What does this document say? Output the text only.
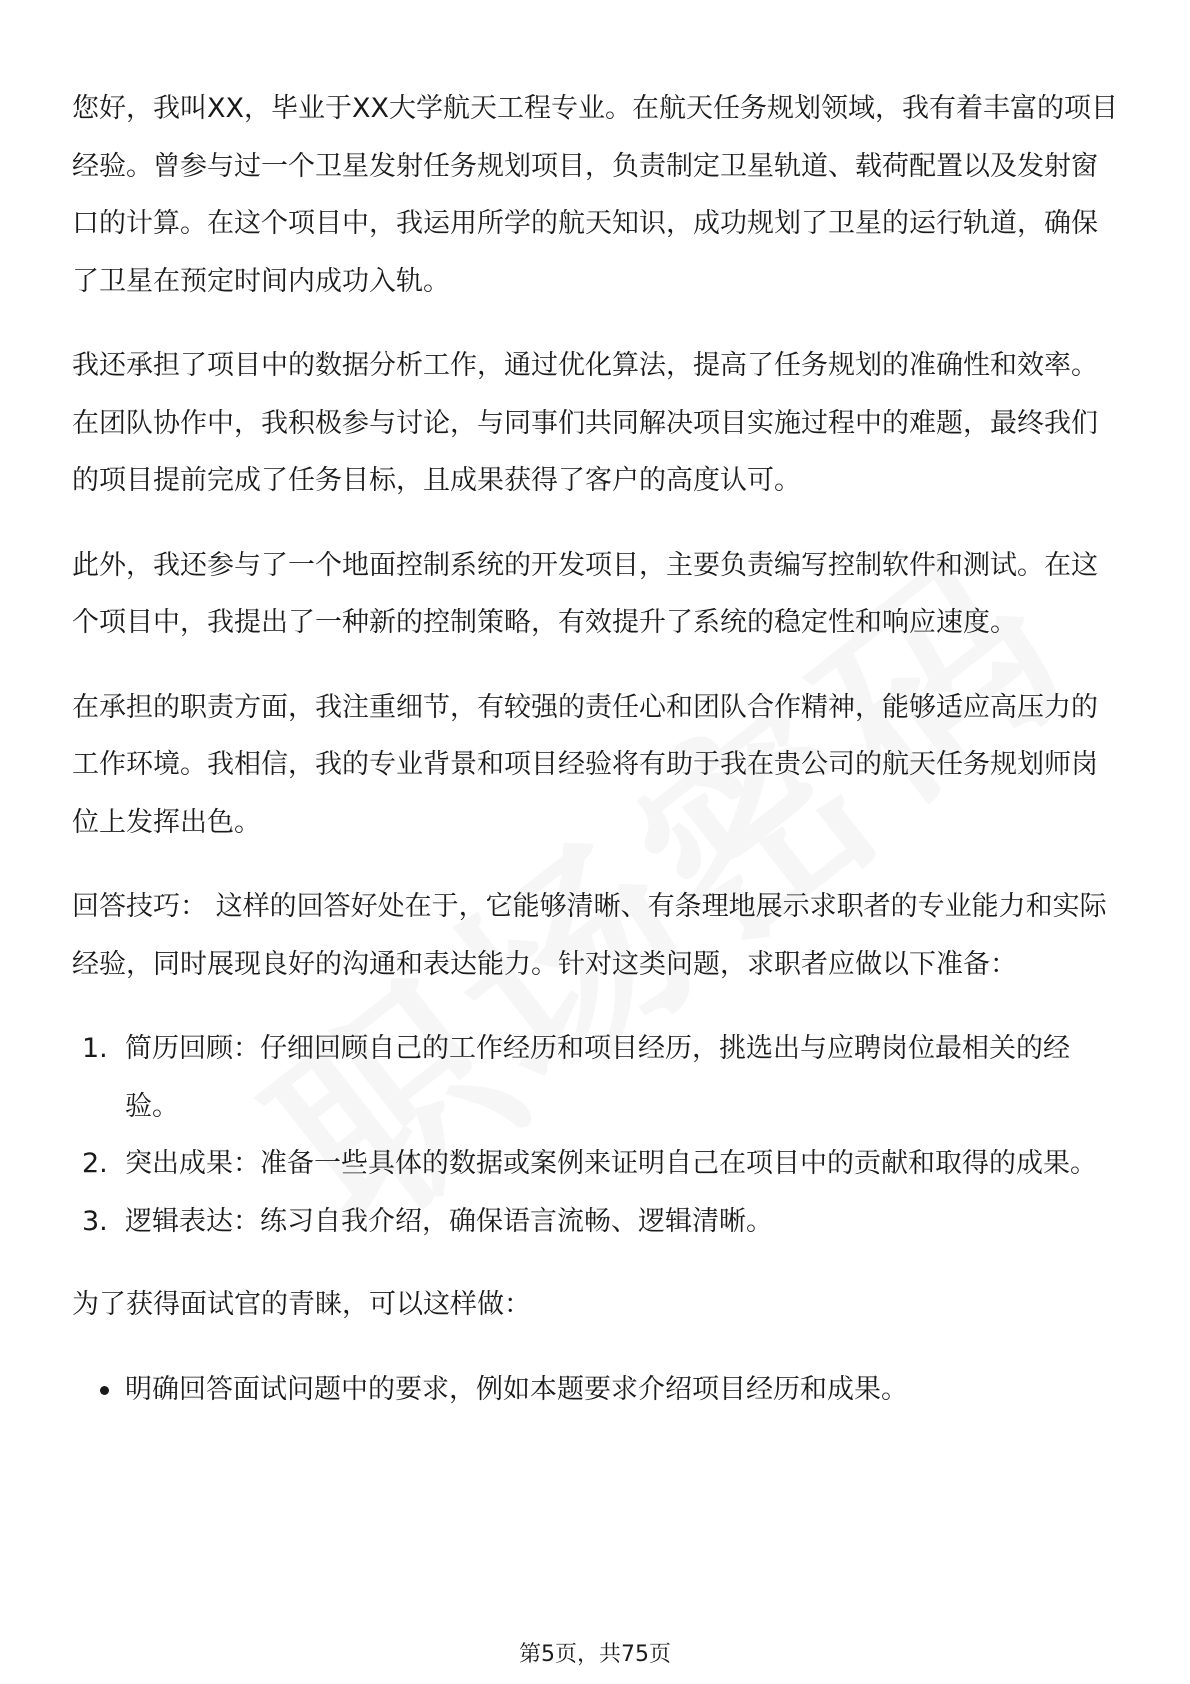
您好，我叫XX，毕业于XX大学航天工程专业。在航天任务规划领域，我有着丰富的项目经验。曾参与过一个卫星发射任务规划项目，负责制定卫星轨道、载荷配置以及发射窗口的计算。在这个项目中，我运用所学的航天知识，成功规划了卫星的运行轨道，确保了卫星在预定时间内成功入轨。

我还承担了项目中的数据分析工作，通过优化算法，提高了任务规划的准确性和效率。在团队协作中，我积极参与讨论，与同事们共同解决项目实施过程中的难题，最终我们的项目提前完成了任务目标，且成果获得了客户的高度认可。

此外，我还参与了一个地面控制系统的开发项目，主要负责编写控制软件和测试。在这个项目中，我提出了一种新的控制策略，有效提升了系统的稳定性和响应速度。

在承担的职责方面，我注重细节，有较强的责任心和团队合作精神，能够适应高压力的工作环境。我相信，我的专业背景和项目经验将有助于我在贵公司的航天任务规划师岗位上发挥出色。

回答技巧： 这样的回答好处在于，它能够清晰、有条理地展示求职者的专业能力和实际经验，同时展现良好的沟通和表达能力。针对这类问题，求职者应做以下准备：

1. 简历回顾：仔细回顾自己的工作经历和项目经历，挑选出与应聘岗位最相关的经验。
2. 突出成果：准备一些具体的数据或案例来证明自己在项目中的贡献和取得的成果。
3. 逻辑表达：练习自我介绍，确保语言流畅、逻辑清晰。

为了获得面试官的青睐，可以这样做：

明确回答面试问题中的要求，例如本题要求介绍项目经历和成果。
第5页，共75页
